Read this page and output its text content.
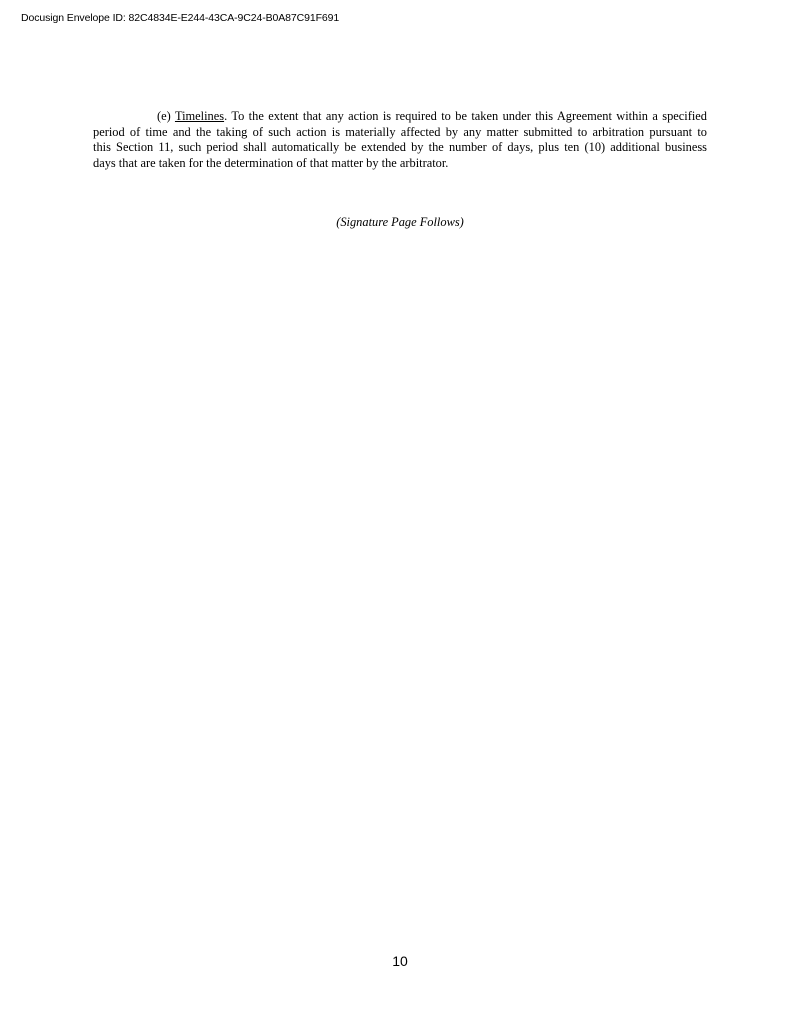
Docusign Envelope ID: 82C4834E-E244-43CA-9C24-B0A87C91F691
(e) Timelines. To the extent that any action is required to be taken under this Agreement within a specified
period of time and the taking of such action is materially affected by any matter submitted to arbitration pursuant to
this Section 11, such period shall automatically be extended by the number of days, plus ten (10) additional business
days that are taken for the determination of that matter by the arbitrator.
(Signature Page Follows)
10
